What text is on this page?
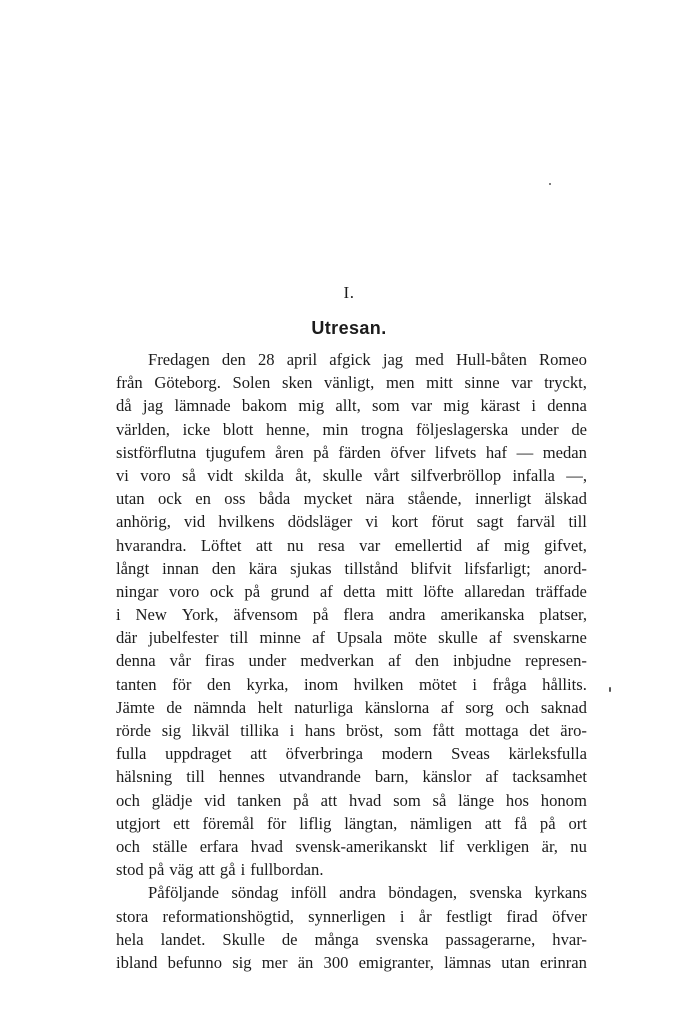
I.
Utresan.
Fredagen den 28 april afgick jag med Hull-båten Romeo
från Göteborg. Solen sken vänligt, men mitt sinne var tryckt,
då jag lämnade bakom mig allt, som var mig kärast i denna
världen, icke blott henne, min trogna följeslagerska under de
sistförflutna tjugufem åren på färden öfver lifvets haf — medan
vi voro så vidt skilda åt, skulle vårt silfverbröllop infalla —,
utan ock en oss båda mycket nära stående, innerligt älskad
anhörig, vid hvilkens dödsläger vi kort förut sagt farväl till
hvarandra. Löftet att nu resa var emellertid af mig gifvet,
långt innan den kära sjukas tillstånd blifvit lifsfarligt; anord-
ningar voro ock på grund af detta mitt löfte allaredan träffade
i New York, äfvensom på flera andra amerikanska platser,
där jubelfester till minne af Upsala möte skulle af svenskarne
denna vår firas under medverkan af den inbjudne represen-
tanten för den kyrka, inom hvilken mötet i fråga hållits.
Jämte de nämnda helt naturliga känslorna af sorg och saknad
rörde sig likväl tillika i hans bröst, som fått mottaga det äro-
fulla uppdraget att öfverbringa modern Sveas kärleksfulla
hälsning till hennes utvandrande barn, känslor af tacksamhet
och glädje vid tanken på att hvad som så länge hos honom
utgjort ett föremål för liflig längtan, nämligen att få på ort
och ställe erfara hvad svensk-amerikanskt lif verkligen är, nu
stod på väg att gå i fullbordan.
Påföljande söndag inföll andra böndagen, svenska kyrkans
stora reformationshögtid, synnerligen i år festligt firad öfver
hela landet. Skulle de många svenska passagerarne, hvar-
ibland befunno sig mer än 300 emigranter, lämnas utan erinran
